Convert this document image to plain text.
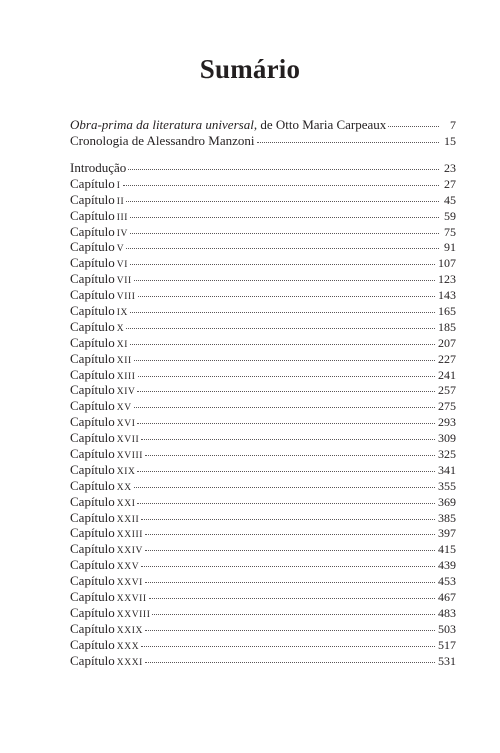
Sumário
Obra-prima da literatura universal, de Otto Maria Carpeaux	7
Cronologia de Alessandro Manzoni	15
Introdução	23
Capítulo I	27
Capítulo II	45
Capítulo III	59
Capítulo IV	75
Capítulo V	91
Capítulo VI	107
Capítulo VII	123
Capítulo VIII	143
Capítulo IX	165
Capítulo X	185
Capítulo XI	207
Capítulo XII	227
Capítulo XIII	241
Capítulo XIV	257
Capítulo XV	275
Capítulo XVI	293
Capítulo XVII	309
Capítulo XVIII	325
Capítulo XIX	341
Capítulo XX	355
Capítulo XXI	369
Capítulo XXII	385
Capítulo XXIII	397
Capítulo XXIV	415
Capítulo XXV	439
Capítulo XXVI	453
Capítulo XXVII	467
Capítulo XXVIII	483
Capítulo XXIX	503
Capítulo XXX	517
Capítulo XXXI	531
